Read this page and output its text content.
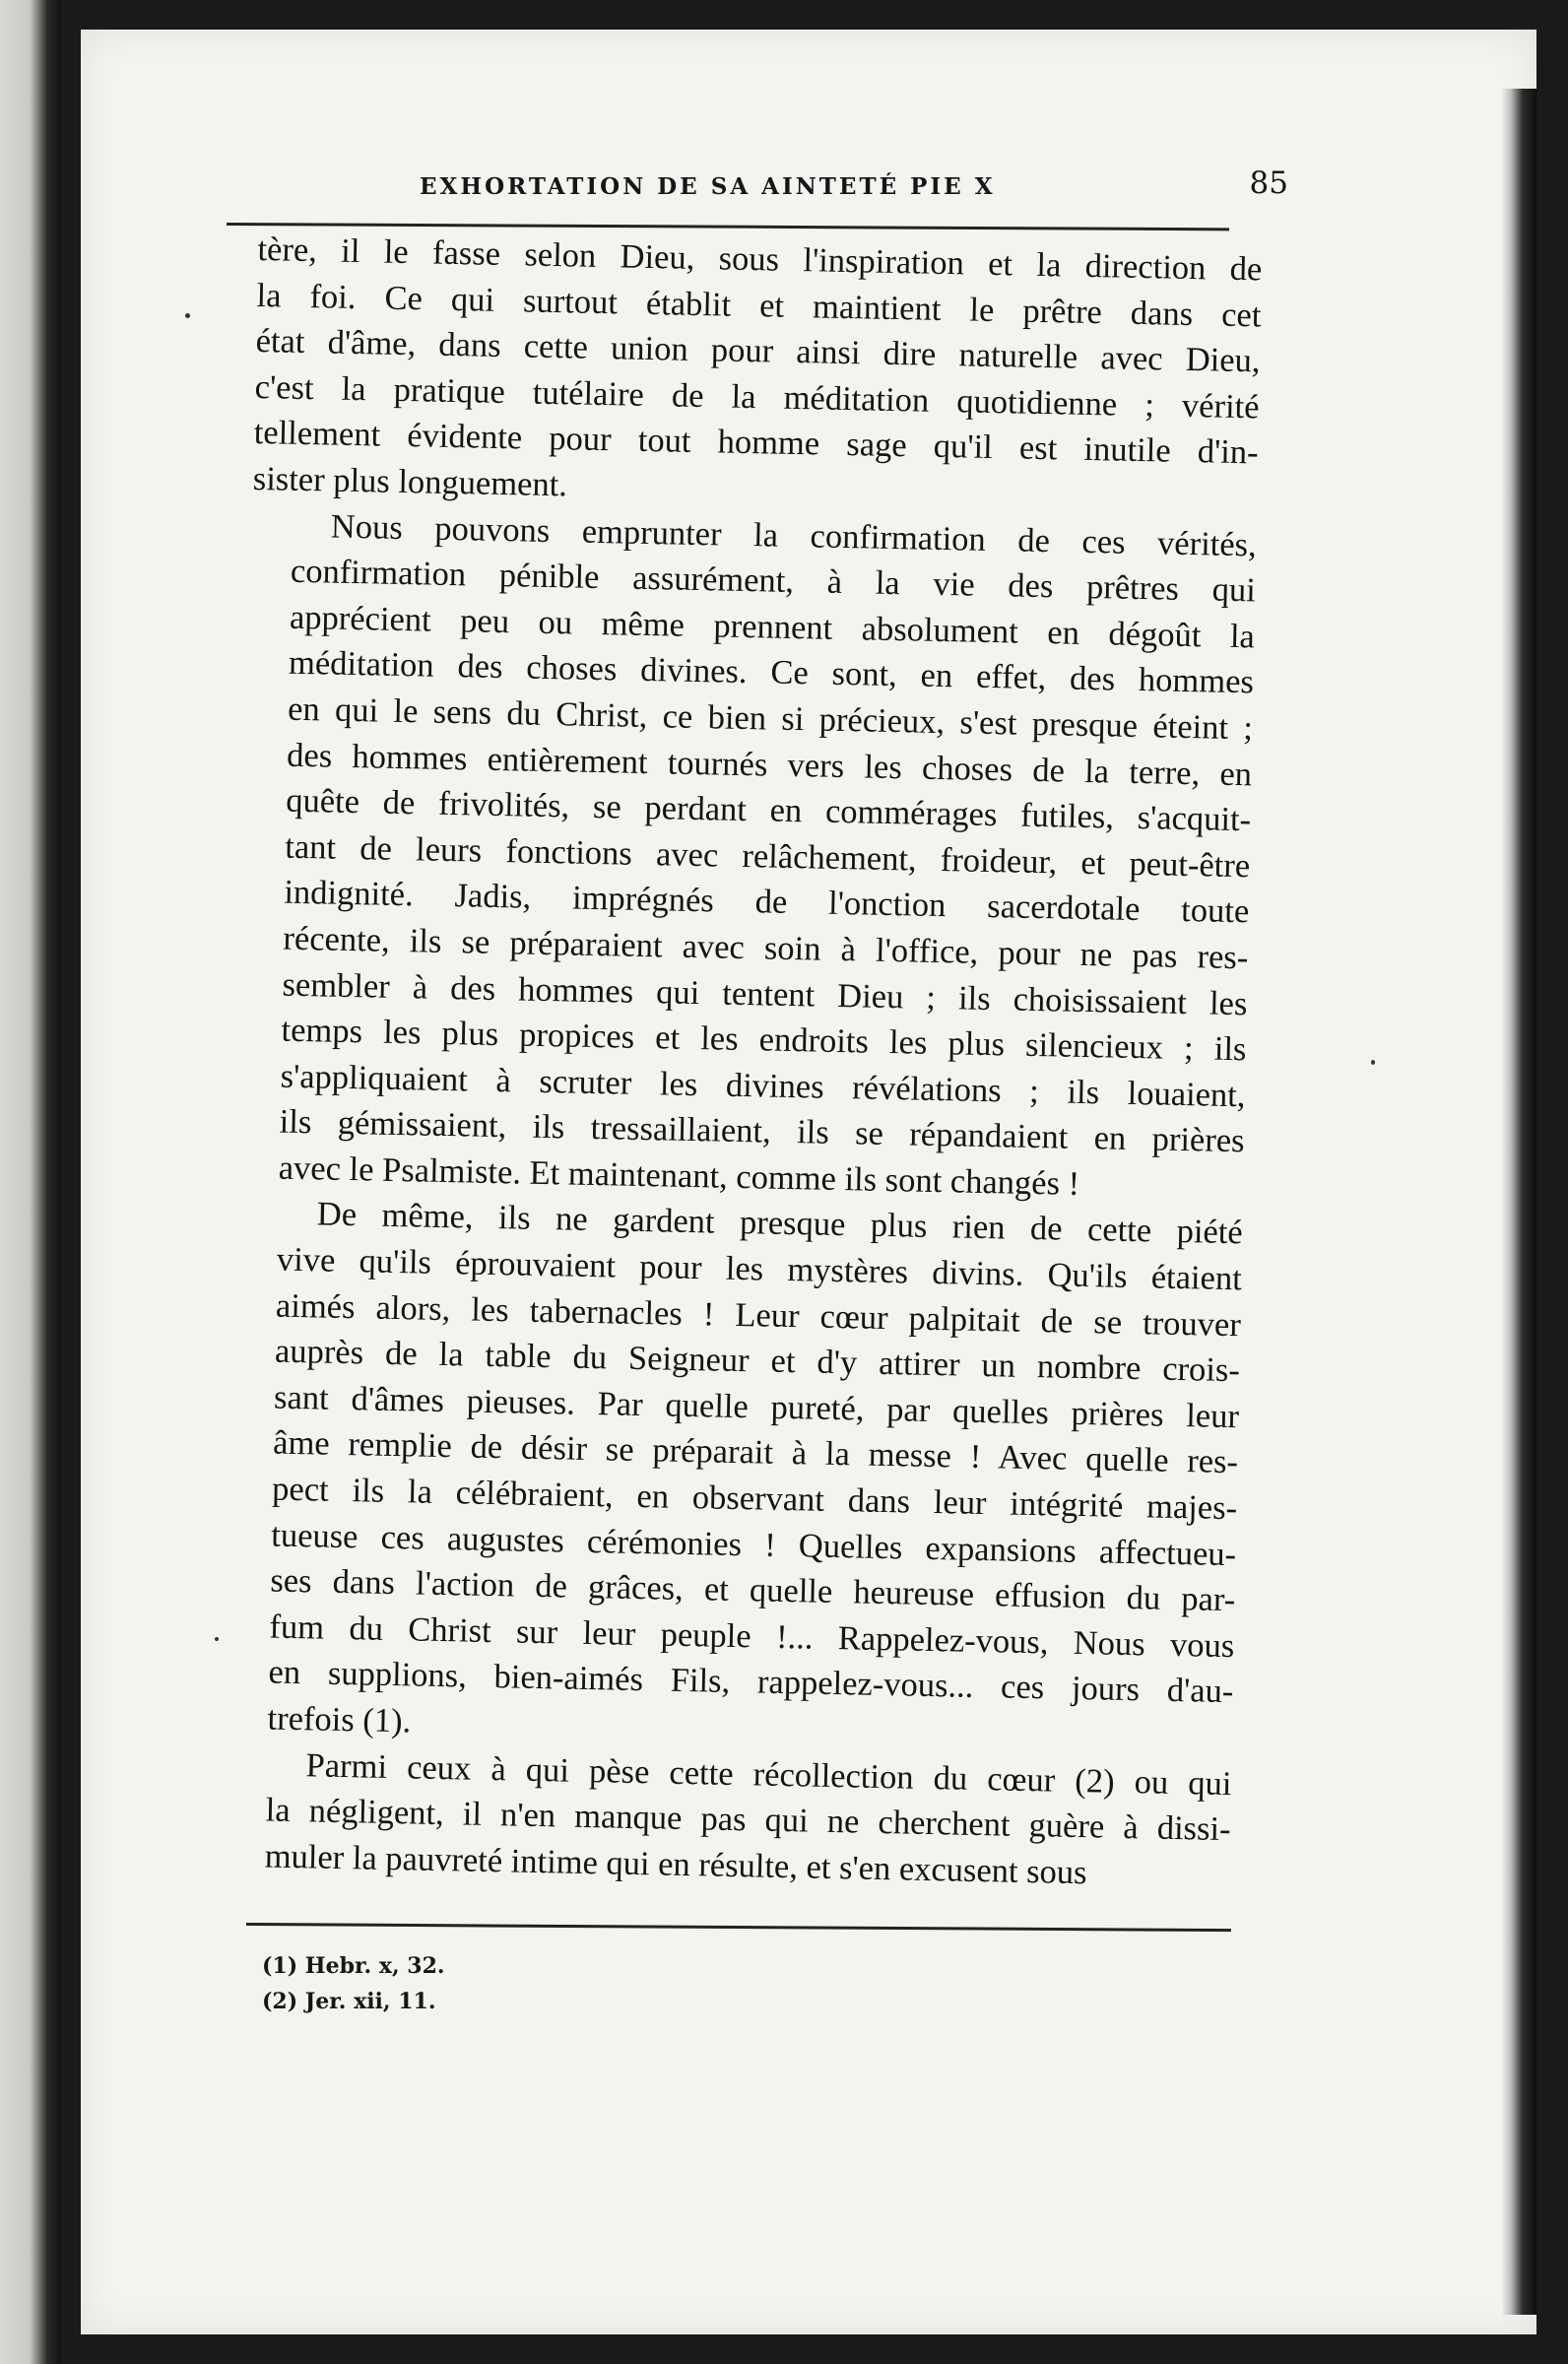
EXHORTATION DE SA AINTETÉ PIE X	85

tère, il le fasse selon Dieu, sous l'inspiration et la direction de
la foi. Ce qui surtout établit et maintient le prêtre dans cet
état d'âme, dans cette union pour ainsi dire naturelle avec Dieu,
c'est la pratique tutélaire de la méditation quotidienne ; vérité
tellement évidente pour tout homme sage qu'il est inutile d'in-
sister plus longuement.

Nous pouvons emprunter la confirmation de ces vérités,
confirmation pénible assurément, à la vie des prêtres qui
apprécient peu ou même prennent absolument en dégoût la
méditation des choses divines. Ce sont, en effet, des hommes
en qui le sens du Christ, ce bien si précieux, s'est presque éteint ;
des hommes entièrement tournés vers les choses de la terre, en
quête de frivolités, se perdant en commérages futiles, s'acquit-
tant de leurs fonctions avec relâchement, froideur, et peut-être
indignité. Jadis, imprégnés de l'onction sacerdotale toute
récente, ils se préparaient avec soin à l'office, pour ne pas res-
sembler à des hommes qui tentent Dieu ; ils choisissaient les
temps les plus propices et les endroits les plus silencieux ; ils
s'appliquaient à scruter les divines révélations ; ils louaient,
ils gémissaient, ils tressaillaient, ils se répandaient en prières
avec le Psalmiste. Et maintenant, comme ils sont changés !

De même, ils ne gardent presque plus rien de cette piété
vive qu'ils éprouvaient pour les mystères divins. Qu'ils étaient
aimés alors, les tabernacles ! Leur cœur palpitait de se trouver
auprès de la table du Seigneur et d'y attirer un nombre crois-
sant d'âmes pieuses. Par quelle pureté, par quelles prières leur
âme remplie de désir se préparait à la messe ! Avec quelle res-
pect ils la célébraient, en observant dans leur intégrité majes-
tueuse ces augustes cérémonies ! Quelles expansions affectueu-
ses dans l'action de grâces, et quelle heureuse effusion du par-
fum du Christ sur leur peuple !... Rappelez-vous, Nous vous
en supplions, bien-aimés Fils, rappelez-vous... ces jours d'au-
trefois (1).

Parmi ceux à qui pèse cette récollection du cœur (2) ou qui
la négligent, il n'en manque pas qui ne cherchent guère à dissi-
muler la pauvreté intime qui en résulte, et s'en excusent sous

(1) Hebr. x, 32.
(2) Jer. xii, 11.
